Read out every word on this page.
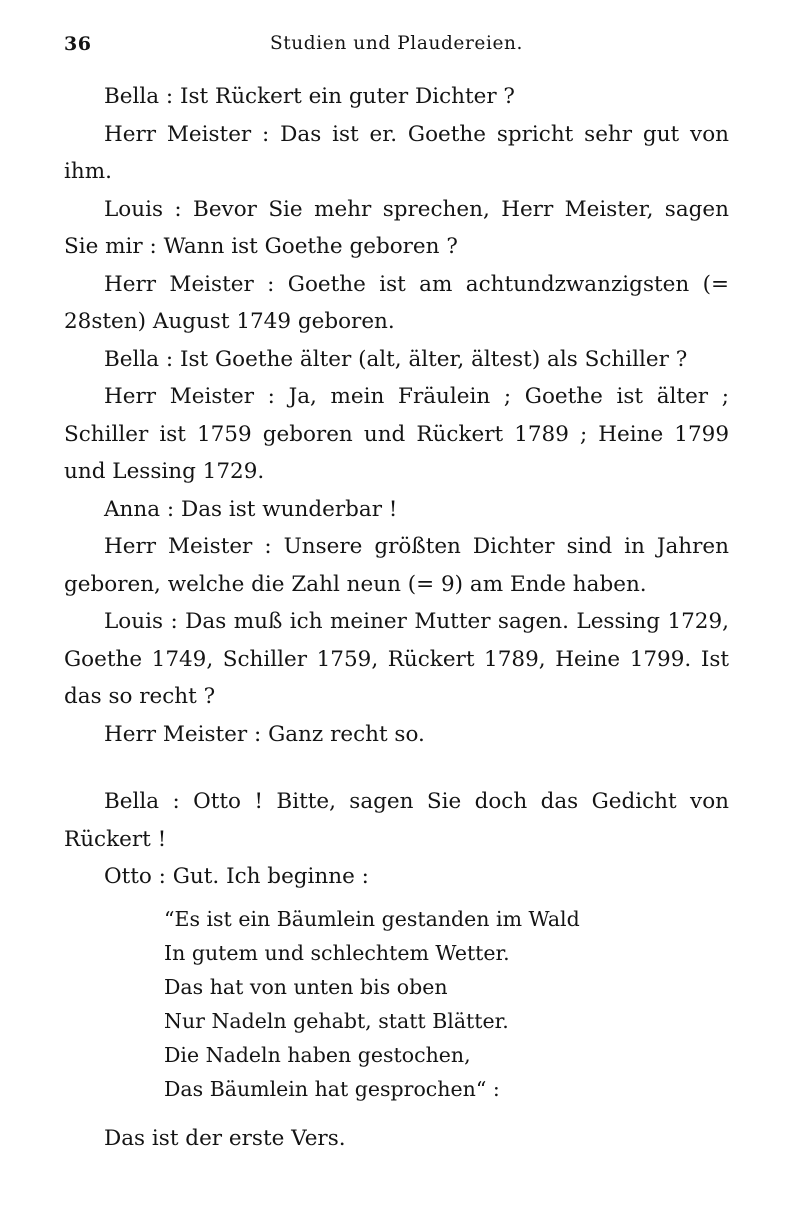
36	Studien und Plaudereien.

Bella : Ist Rückert ein guter Dichter ?

Herr Meister : Das ist er. Goethe spricht sehr gut von ihm.

Louis : Bevor Sie mehr sprechen, Herr Meister, sagen Sie mir : Wann ist Goethe geboren ?

Herr Meister : Goethe ist am achtundzwanzigsten (= 28sten) August 1749 geboren.

Bella : Ist Goethe älter (alt, älter, ältest) als Schiller ?

Herr Meister : Ja, mein Fräulein ; Goethe ist älter ; Schiller ist 1759 geboren und Rückert 1789 ; Heine 1799 und Lessing 1729.

Anna : Das ist wunderbar !

Herr Meister : Unsere größten Dichter sind in Jahren geboren, welche die Zahl neun (= 9) am Ende haben.

Louis : Das muß ich meiner Mutter sagen. Lessing 1729, Goethe 1749, Schiller 1759, Rückert 1789, Heine 1799. Ist das so recht ?

Herr Meister : Ganz recht so.

Bella : Otto ! Bitte, sagen Sie doch das Gedicht von Rückert !

Otto : Gut. Ich beginne :

“Es ist ein Bäumlein gestanden im Wald
In gutem und schlechtem Wetter.
Das hat von unten bis oben
Nur Nadeln gehabt, statt Blätter.
Die Nadeln haben gestochen,
Das Bäumlein hat gesprochen“ :

Das ist der erste Vers.
